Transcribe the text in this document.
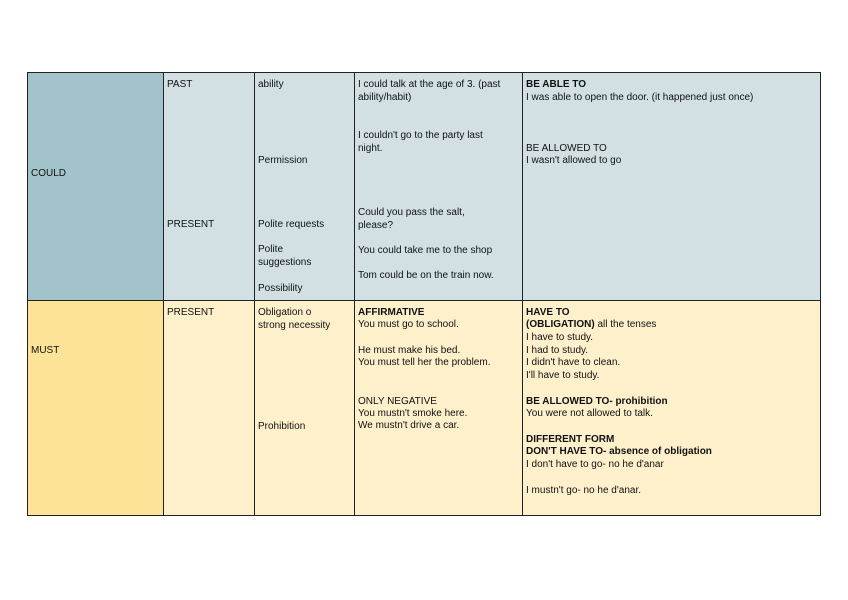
COULD
PAST
PRESENT
ability
Permission
Polite requests
Polite
suggestions
Possibility
I could talk at the age of 3. (past
ability/habit)
I couldn't go to the party last
night.
Could you pass the salt,
please?
You could take me to the shop
Tom could be on the train now.
BE ABLE TO
I was able to open the door. (it happened just once)
BE ALLOWED TO
I wasn't allowed to go
MUST
PRESENT	Obligation o
strong necessity
Prohibition
AFFIRMATIVE
You must go to school.
He must make his bed.
You must tell her the problem.
ONLY NEGATIVE
You mustn't smoke here.
We mustn't drive a car.
HAVE TO
(OBLIGATION) all the tenses
I have to study.
I had to study.
I didn't have to clean.
I'll have to study.
BE ALLOWED TO- prohibition
You were not allowed to talk.
DIFFERENT FORM
DON'T HAVE TO- absence of obligation
I don't have to go- no he d'anar
I mustn't go- no he d'anar.
